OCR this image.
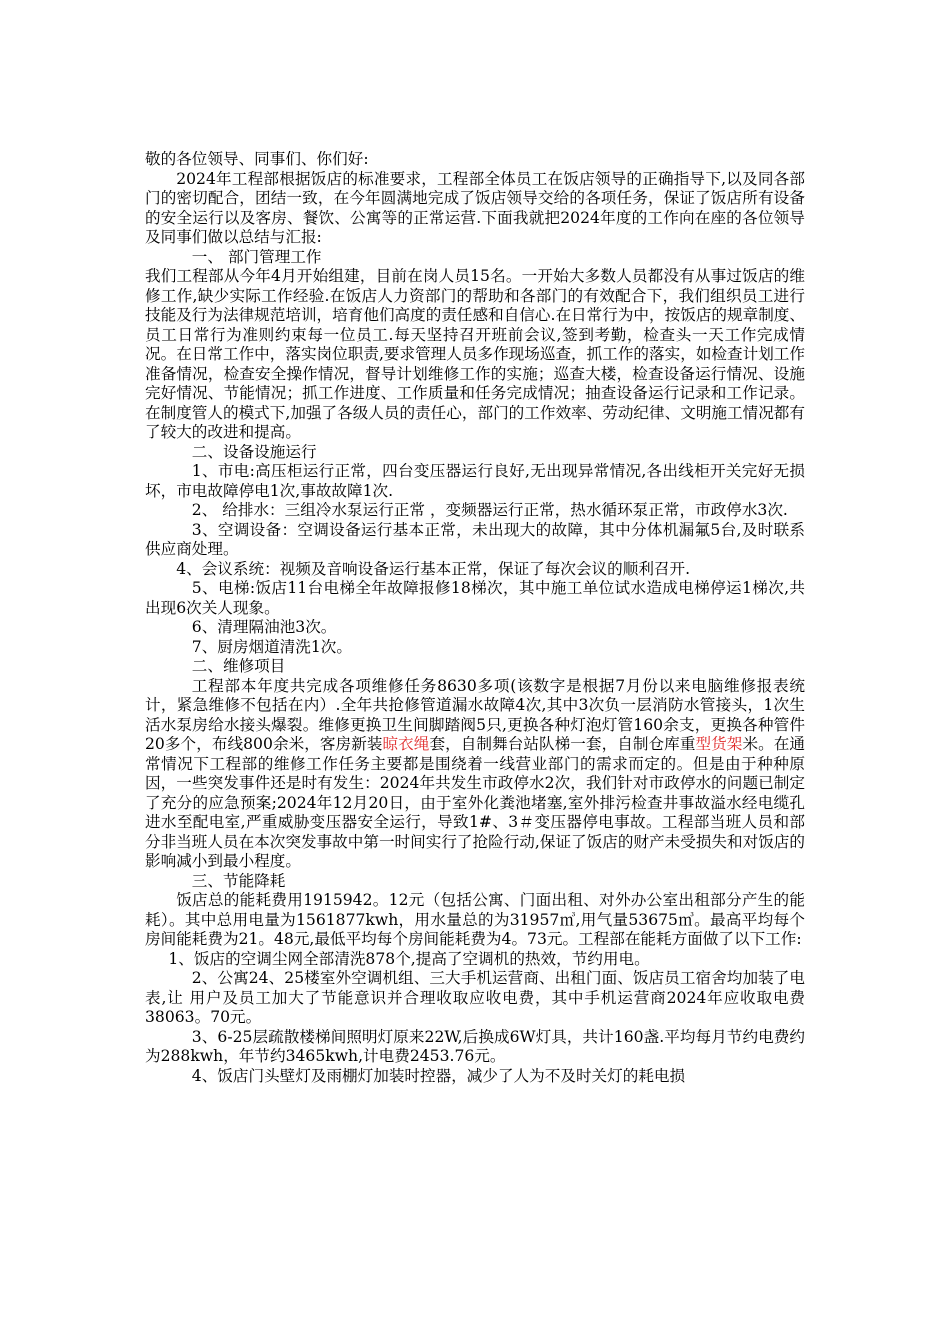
敬的各位领导、同事们、你们好:

2024年工程部根据饭店的标准要求，工程部全体员工在饭店领导的正确指导下,以及同各部门的密切配合，团结一致，在今年圆满地完成了饭店领导交给的各项任务，保证了饭店所有设备的安全运行以及客房、餐饮、公寓等的正常运营.下面我就把2024年度的工作向在座的各位领导及同事们做以总结与汇报:

一、 部门管理工作

我们工程部从今年4月开始组建，目前在岗人员15名。一开始大多数人员都没有从事过饭店的维修工作,缺少实际工作经验.在饭店人力资部门的帮助和各部门的有效配合下，我们组织员工进行技能及行为法律规范培训，培育他们高度的责任感和自信心.在日常行为中，按饭店的规章制度、员工日常行为准则约束每一位员工.每天坚持召开班前会议,签到考勤，检查头一天工作完成情况。在日常工作中，落实岗位职责,要求管理人员多作现场巡查，抓工作的落实，如检查计划工作准备情况，检查安全操作情况，督导计划维修工作的实施；巡查大楼，检查设备运行情况、设施完好情况、节能情况；抓工作进度、工作质量和任务完成情况；抽查设备运行记录和工作记录。在制度管人的模式下,加强了各级人员的责任心，部门的工作效率、劳动纪律、文明施工情况都有了较大的改进和提高。

二、设备设施运行

1、市电:高压柜运行正常，四台变压器运行良好,无出现异常情况,各出线柜开关完好无损坏，市电故障停电1次,事故故障1次.

2、 给排水：三组冷水泵运行正常 ，变频器运行正常，热水循环泵正常，市政停水3次.

3、空调设备：空调设备运行基本正常，未出现大的故障，其中分体机漏氟5台,及时联系供应商处理。

4、会议系统：视频及音响设备运行基本正常，保证了每次会议的顺利召开.

5、电梯:饭店11台电梯全年故障报修18梯次，其中施工单位试水造成电梯停运1梯次,共出现6次关人现象。

6、清理隔油池3次。

7、厨房烟道清洗1次。

二、维修项目

工程部本年度共完成各项维修任务8630多项(该数字是根据7月份以来电脑维修报表统计，紧急维修不包括在内）.全年共抢修管道漏水故障4次,其中3次负一层消防水管接头，1次生活水泵房给水接头爆裂。维修更换卫生间脚踏阀5只,更换各种灯泡灯管160余支，更换各种管件20多个，布线800余米，客房新装晾衣绳套，自制舞台站队梯一套，自制仓库重型货架米。在通常情况下工程部的维修工作任务主要都是围绕着一线营业部门的需求而定的。但是由于种种原因，一些突发事件还是时有发生：2024年共发生市政停水2次，我们针对市政停水的问题已制定了充分的应急预案;2024年12月20日，由于室外化粪池堵塞,室外排污检查井事故溢水经电缆孔进水至配电室,严重威胁变压器安全运行，导致1#、3＃变压器停电事故。工程部当班人员和部分非当班人员在本次突发事故中第一时间实行了抢险行动,保证了饭店的财产未受损失和对饭店的影响减小到最小程度。

三、节能降耗

饭店总的能耗费用1915942。12元（包括公寓、门面出租、对外办公室出租部分产生的能耗）。其中总用电量为1561877kwh，用水量总的为31957㎥,用气量53675㎥。最高平均每个房间能耗费为21。48元,最低平均每个房间能耗费为4。73元。工程部在能耗方面做了以下工作:

1、饭店的空调尘网全部清洗878个,提高了空调机的热效，节约用电。

2、公寓24、25楼室外空调机组、三大手机运营商、出租门面、饭店员工宿舍均加装了电表,让 用户及员工加大了节能意识并合理收取应收电费，其中手机运营商2024年应收取电费38063。70元。

3、6-25层疏散楼梯间照明灯原来22W,后换成6W灯具，共计160盏.平均每月节约电费约为288kwh，年节约3465kwh,计电费2453.76元。

4、饭店门头壁灯及雨棚灯加装时控器，减少了人为不及时关灯的耗电损
